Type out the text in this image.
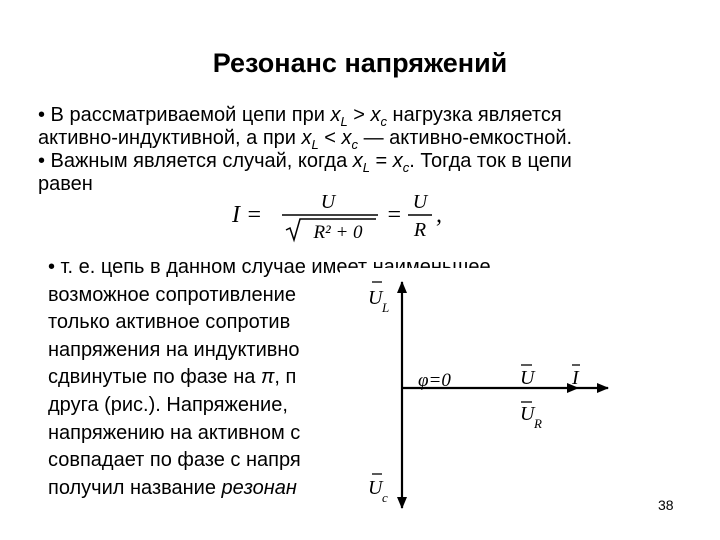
Резонанс напряжений
• В рассматриваемой цепи при $x_L > x_c$ нагрузка является
активно-индуктивной, а при $x_L < x_c$ — активно-емкостной.
• Важным является случай, когда $x_L = x_c$. Тогда ток в цепи
равен
I =	U
R² + 0
= U
R
,
• т. е. цепь в данном случае имеет наименьшее
возможное сопротивление	ено
только активное сопротив
напряжения на индуктивно
сдвинутые по фазе на π, п	т друг
друга (рис.). Напряжение,	вно
напряжению на активном с
совпадает по фазе с напря
получил название резонан
U L
φ=0	U I
U R
U c	38
